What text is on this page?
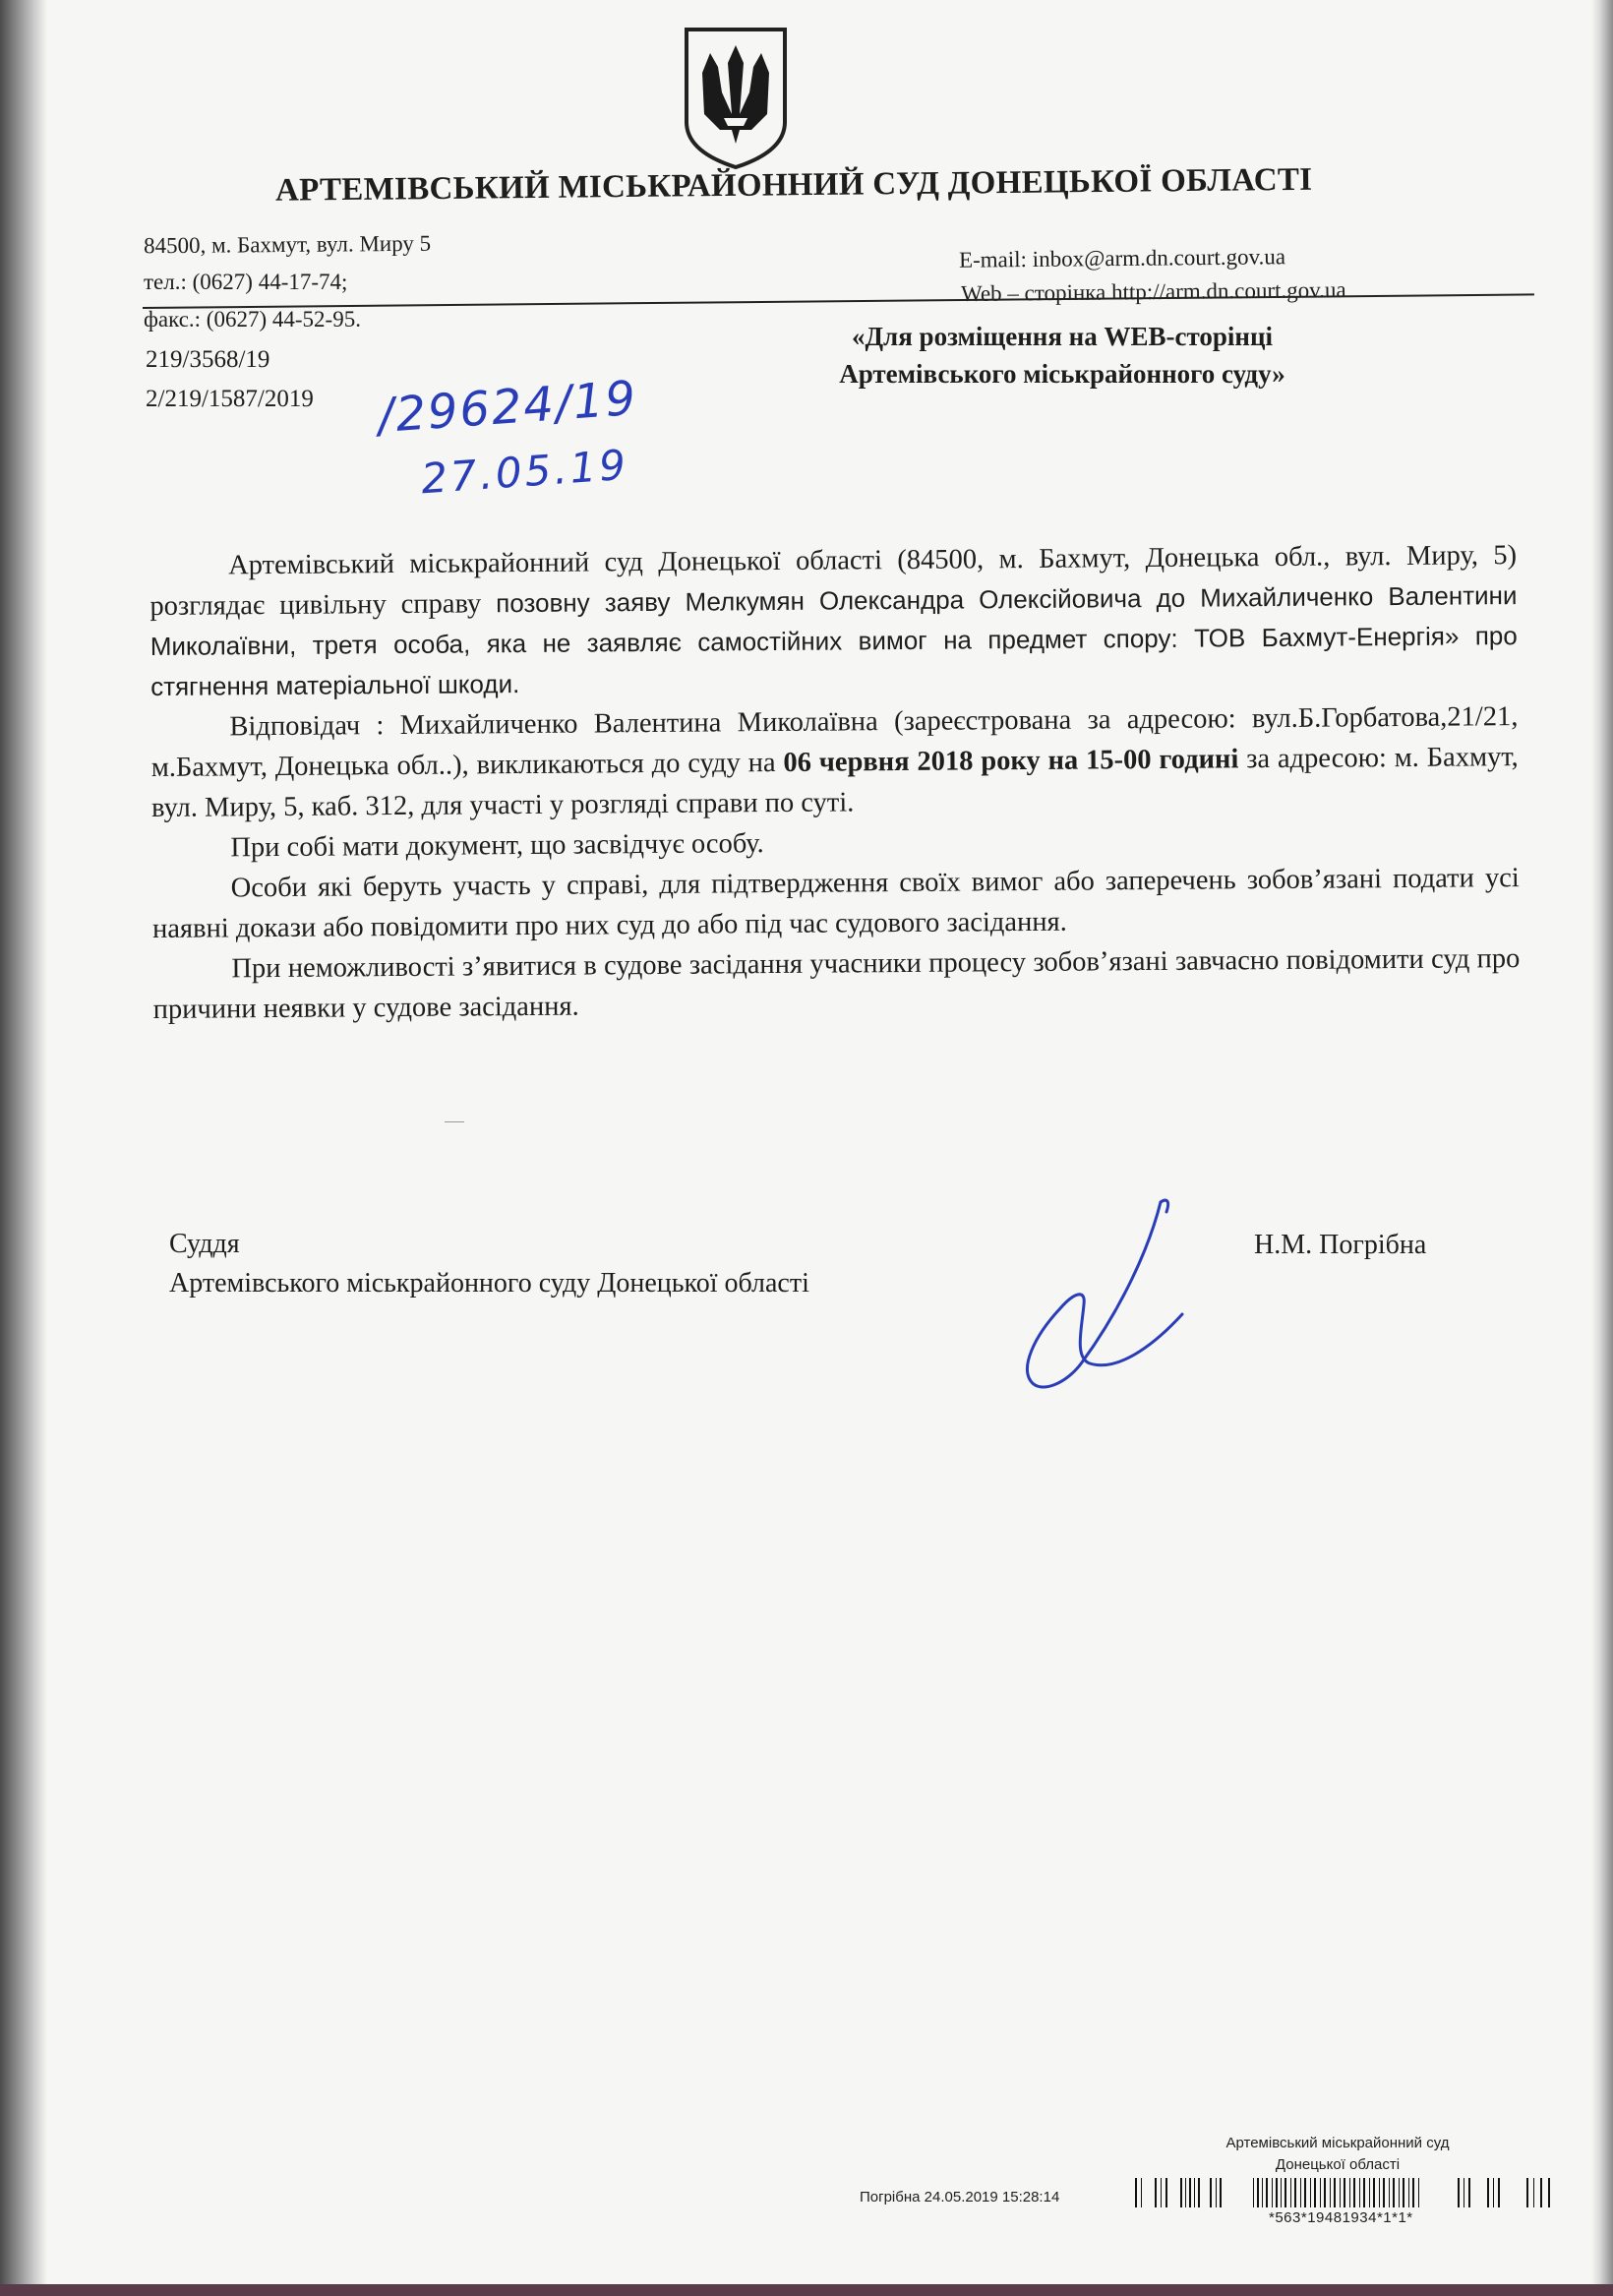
АРТЕМІВСЬКИЙ МІСЬКРАЙОННИЙ СУД ДОНЕЦЬКОЇ ОБЛАСТІ
84500, м. Бахмут, вул. Миру 5
тел.: (0627) 44-17-74;
факс.: (0627) 44-52-95.
E-mail: inbox@arm.dn.court.gov.ua
Web – сторінка http://arm.dn.court.gov.ua
219/3568/19
2/219/1587/2019
«Для розміщення на WEB-сторінці
Артемівського міськрайонного суду»
/29624/19
27.05.19

Артемівський міськрайонний суд Донецької області (84500, м. Бахмут, Донецька обл., вул. Миру, 5) розглядає цивільну справу позовну заяву Мелкумян Олександра Олексійовича до Михайличенко Валентини Миколаївни, третя особа, яка не заявляє самостійних вимог на предмет спору: ТОВ Бахмут-Енергія» про стягнення матеріальної шкоди.

Відповідач : Михайличенко Валентина Миколаївна (зареєстрована за адресою: вул.Б.Горбатова,21/21, м.Бахмут, Донецька обл..), викликаються до суду на 06 червня 2018 року на 15-00 годині за адресою: м. Бахмут, вул. Миру, 5, каб. 312, для участі у розгляді справи по суті.

При собі мати документ, що засвідчує особу.

Особи які беруть участь у справі, для підтвердження своїх вимог або заперечень зобов’язані подати усі наявні докази або повідомити про них суд до або під час судового засідання.

При неможливості з’явитися в судове засідання учасники процесу зобов’язані завчасно повідомити суд про причини неявки у судове засідання.

Суддя
Артемівського міськрайонного суду Донецької області
Н.М. Погрібна
Артемівський міськрайонний суд
Донецької області
Погрібна 24.05.2019 15:28:14
*563*19481934*1*1*
